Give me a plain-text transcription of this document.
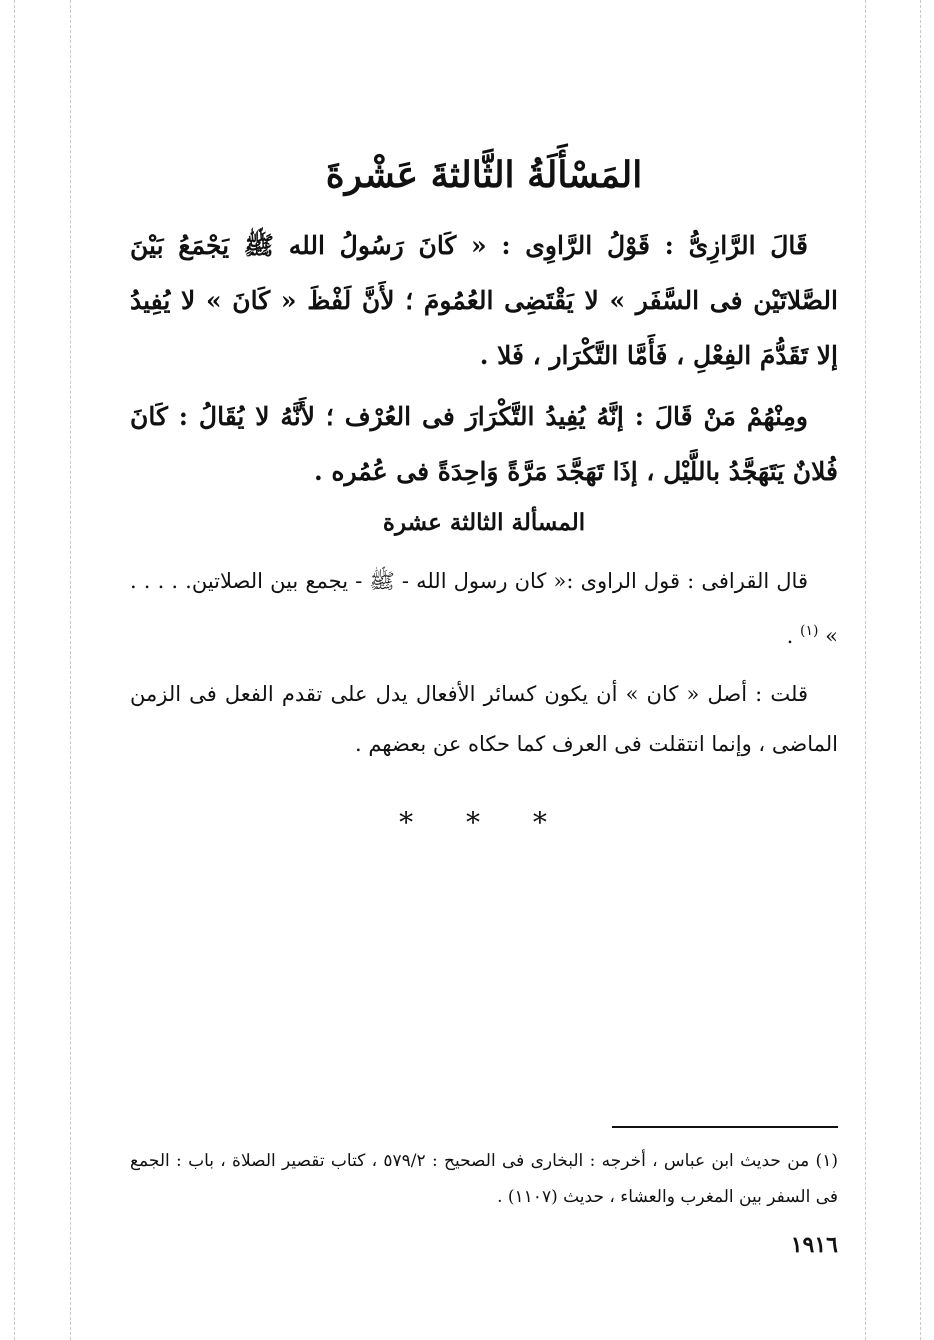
المَسْأَلَةُ الثَّالثةَ عَشْرةَ

قَالَ الرَّازِىُّ : قَوْلُ الرَّاوِى : « كَانَ رَسُولُ الله ﷺ يَجْمَعُ بَيْنَ الصَّلاتَيْن فى السَّفَر » لا يَقْتَضِى العُمُومَ ؛ لأَنَّ لَفْظَ « كَانَ » لا يُفِيدُ إلا تَقَدُّمَ الفِعْلِ ، فَأَمَّا التَّكْرَار ، فَلا .

ومِنْهُمْ مَنْ قَالَ : إنَّهُ يُفِيدُ التَّكْرَارَ فى العُرْف ؛ لأَنَّهُ لا يُقَالُ : كَانَ فُلانٌ يَتَهَجَّدُ باللَّيْل ، إذَا تَهَجَّدَ مَرَّةً وَاحِدَةً فى عُمُره .

المسألة الثالثة عشرة

قال القرافى : قول الراوى :« كان رسول الله - ﷺ - يجمع بين الصلاتين. . . . . » $^{(١)}$ .

قلت : أصل « كان » أن يكون كسائر الأفعال يدل على تقدم الفعل فى الزمن الماضى ، وإنما انتقلت فى العرف كما حكاه عن بعضهم .

* * *
(١) من حديث ابن عباس ، أخرجه : البخارى فى الصحيح : ٥٧٩/٢ ، كتاب تقصير الصلاة ، باب : الجمع فى السفر بين المغرب والعشاء ، حديث (١١٠٧) .
١٩١٦
